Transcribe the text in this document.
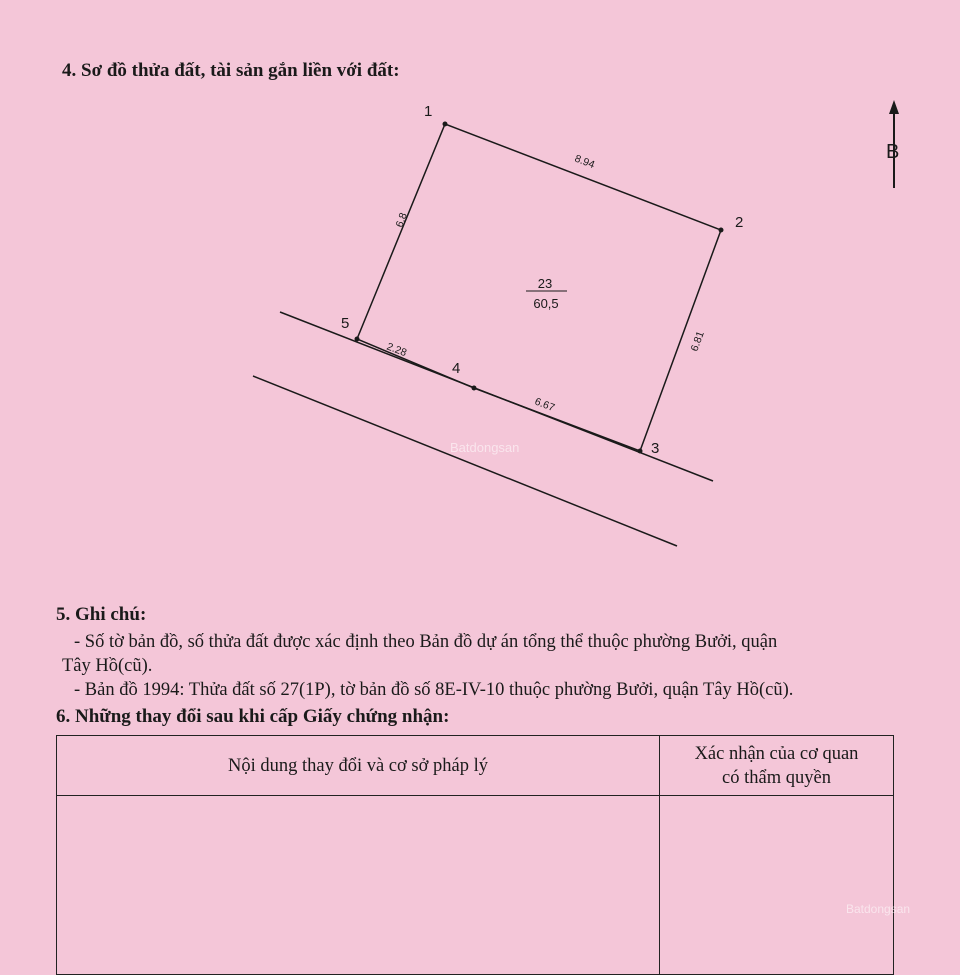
4. Sơ đồ thửa đất, tài sản gắn liền với đất:
1
2
3
4
5
8.94
6.81
6.67
2.28
6.8
23
60,5
B
Batdongsan
5. Ghi chú:
- Số tờ bản đồ, số thửa đất được xác định theo Bản đồ dự án tổng thể thuộc phường Bưởi, quận
Tây Hồ(cũ).
- Bản đồ 1994: Thửa đất số 27(1P), tờ bản đồ số 8E-IV-10 thuộc phường Bưởi, quận Tây Hồ(cũ).
6. Những thay đổi sau khi cấp Giấy chứng nhận:
Nội dung thay đổi và cơ sở pháp lý	Xác nhận của cơ quan
có thẩm quyền

Batdongsan
